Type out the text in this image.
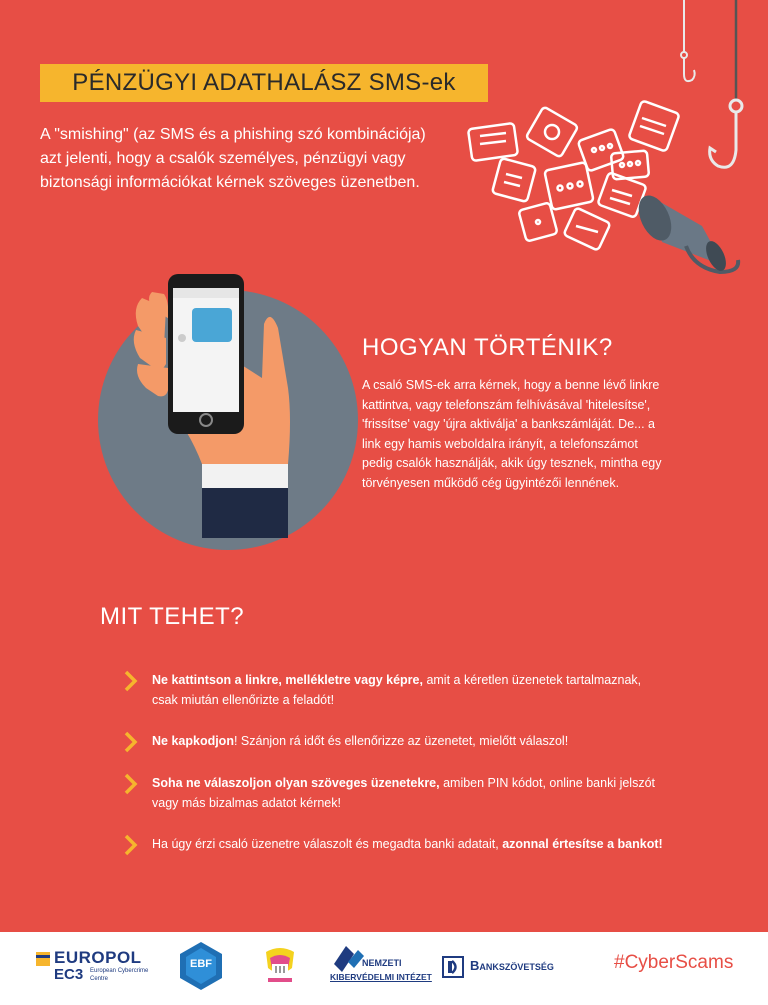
PÉNZÜGYI ADATHALÁSZ SMS-ek
A "smishing" (az SMS és a phishing szó kombinációja)
azt jelenti, hogy a csalók személyes, pénzügyi vagy
biztonsági információkat kérnek szöveges üzenetben.
HOGYAN TÖRTÉNIK?
A csaló SMS-ek arra kérnek, hogy a benne lévő linkre
kattintva, vagy telefonszám felhívásával 'hitelesítse',
'frissítse' vagy 'újra aktiválja' a bankszámláját. De... a
link egy hamis weboldalra irányít, a telefonszámot
pedig csalók használják, akik úgy tesznek, mintha egy
törvényesen működő cég ügyintézői lennének.
MIT TEHET?
Ne kattintson a linkre, mellékletre vagy képre, amit a kéretlen üzenetek tartalmaznak,
csak miután ellenőrizte a feladót!
Ne kapkodjon! Szánjon rá időt és ellenőrizze az üzenetet, mielőtt válaszol!
Soha ne válaszoljon olyan szöveges üzenetekre, amiben PIN kódot, online banki jelszót
vagy más bizalmas adatot kérnek!
Ha úgy érzi csaló üzenetre válaszolt és megadta banki adatait, azonnal értesítse a bankot!
EUROPOL
EC3 European Cybercrime
Centre
EBF	NEMZETI
KIBERVÉDELMI INTÉZET
Bankszövetség	#CyberScams
